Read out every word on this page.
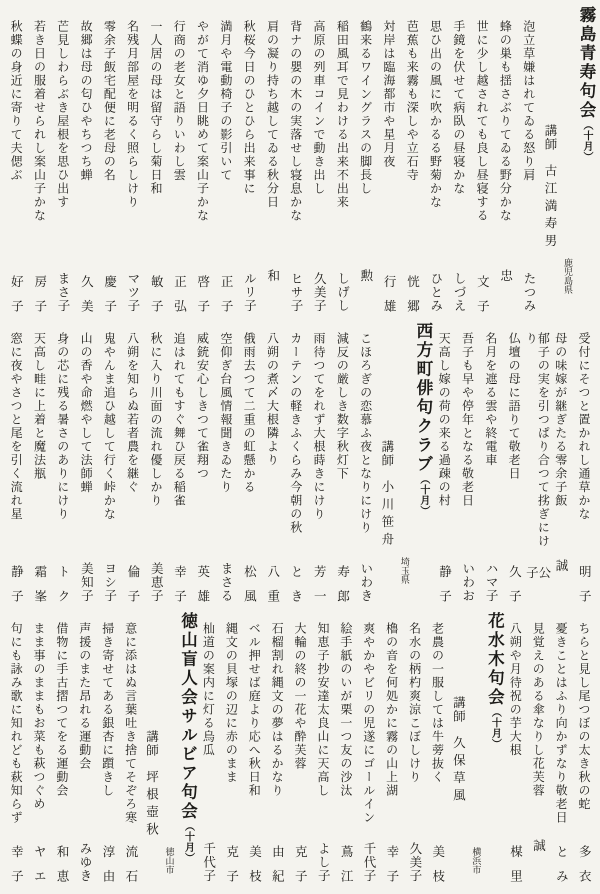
霧島青寿句会（十月）
講師古江満寿男
鹿児島県
泡立草嫌はれてゐる怒り肩
たつみ
蜂の巣も揺さぶりてゐる野分かな
忠
世に少し越されても良し昼寝する
文子
手鏡を伏せて病臥の昼寝かな
しづえ
思ひ出の風に吹かるる野菊かな
ひとみ
芭蕉も来霧も深しや立石寺
恍郷
対岸は臨海都市や星月夜
行雄
鶴来るワイングラスの脚長し
勲
稲田風耳で見わける出来不出来
しげし
高原の列車コインで動き出し
久美子
背ナの嬰の木の実落せし寝息かな
ヒサ子
肩の凝り持ち越してゐる秋分日
和
秋桜今日のひとひら出来事に
ルリ子
満月や電動椅子の影引いて
正子
やがて消ゆ夕日眺めて案山子かな
啓子
行商の老女と語りいわし雲
正弘
一人居の母は留守らし菊日和
敏子
名残月部屋を明るく照らしけり
マツ子
零余子飯宅配便に老母の名
慶子
故郷は母の匂ひやちつち蝉
久美
芒見しわらぶき屋根を思ひ出す
まさ子
若き日の服着せられし案山子かな
房子
秋蝶の身近に寄りて夫偲ぶ
好子
受付にそつと置かれし通草かな
明子
母の味嫁が継ぎたる零余子飯
誠
郁子の実を引つぱり合つて挘ぎにけり
公子
仏壇の母に語りて敬老日
久子
名月を遮る雲や終電車
ハマ子
吾子も早や停年となる敬老日
いわお
天高し嫁の荷の来る過疎の村
静子
西方町俳句クラブ（十月）
講師小川笹舟
埼玉県
こほろぎの恋慕ふ夜となりにけり
いわき
減反の厳しき数字秋灯下
寿郎
雨待つてをれず大根蒔きにけり
芳一
カーテンの軽きふくらみ今朝の秋
とき
八朔の煮〆大根隣より
八重
俄雨去つて二重の虹懸かる
松風
空仰ぎ台風情報聞きゐたり
まさる
威銃安心しきつて雀翔つ
英雄
追はれてもすぐ舞ひ戻る稲雀
幸子
秋に入り川面の流れ優しかり
美恵子
八朔を知らぬ若者農を継ぐ
倫子
鬼やんま追ひ越して行く峠かな
ヨシ子
山の香や命燃やして法師蝉
美知子
身の芯に残る暑さのありにけり
トク
天高し畦に上着と魔法瓶
霜峯
窓に夜やさつと尾を引く流れ星
静子
ちらと見し尾つぼの太き秋の蛇
多衣
憂きことはふり向かずなり敬老日
とみ
見覚えのある傘なりし花芙蓉
誠
八朔や月待祝の芋大根
楳里
花水木句会（十月）
講師久保草風
横浜市
老農の一服しては牛蒡抜く
美枝
名水の柄杓爽涼こぼしけり
久美子
櫓の音を何処かに霧の山上湖
幸子
爽やかやビリの児遂にゴールイン
千代子
絵手紙のいが栗一つ友の沙汰
蔦江
知恵子抄安達太良山に天高し
よし子
大輪の終の一花や酔芙蓉
克子
石榴割れ縄文の夢はるかなり
由紀
ベル押せば庭より応へ秋日和
美枝
縄文の貝塚の辺に赤のまま
克子
杣道の案内に灯る烏瓜
千代子
徳山盲人会サルビア句会（十月）
講師坪根壺秋
徳山市
意に添はぬ言葉吐き捨てそぞろ寒
流石
掃き寄せてある銀杏に躓きし
淳由
声援のまた昂れる運動会
みゆき
借物に手古摺つてをる運動会
和恵
まま事のままもお菜も萩つぐめ
ヤエ
句にも詠み歌に知れども萩知らず
幸子
